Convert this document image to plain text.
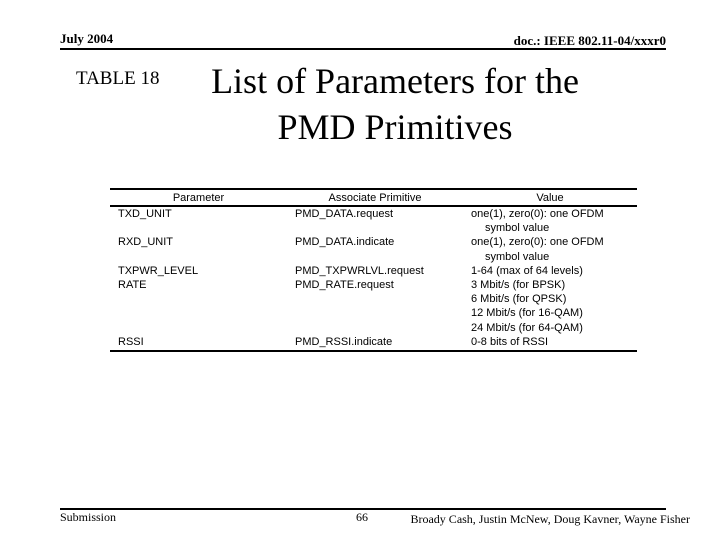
July 2004	doc.: IEEE 802.11-04/xxxr0
TABLE 18	List of Parameters for the PMD Primitives
Parameter	Associate Primitive	Value
TXD_UNIT	PMD_DATA.request	one(1), zero(0): one OFDM
symbol value

RXD_UNIT	PMD_DATA.indicate	one(1), zero(0): one OFDM
symbol value

TXPWR_LEVEL	PMD_TXPWRLVL.request	1-64 (max of 64 levels)
RATE	PMD_RATE.request	3 Mbit/s (for BPSK)
6 Mbit/s (for QPSK)
12 Mbit/s (for 16-QAM)
24 Mbit/s (for 64-QAM)

RSSI	PMD_RSSI.indicate	0-8 bits of RSSI
Submission	66	Broady Cash, Justin McNew, Doug Kavner, Wayne Fisher
